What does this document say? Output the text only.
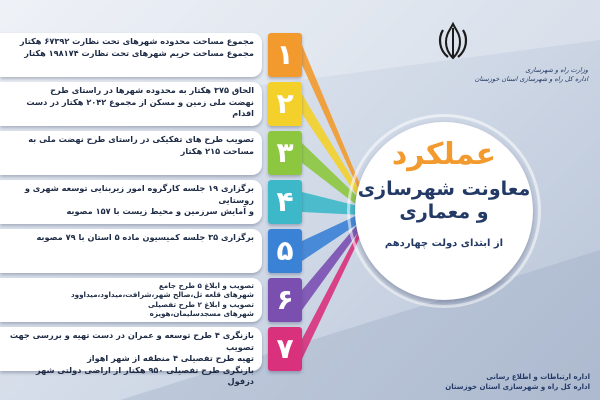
مجموع مساحت محدوده شهرهای تحت نظارت ۶۷۳۹۲ هکتار
مجموع مساحت حریم شهرهای تحت نظارت ۱۹۸۱۷۴ هکتار ۱
الحاق ۳۷۵ هکتار به محدوده شهرها در راستای طرح
نهضت ملی زمین و مسکن از مجموع ۲۰۴۲ هکتار در دست اقدام ۲
تصویب طرح های تفکیکی در راستای طرح نهضت ملی به
مساحت ۲۱۵ هکتار ۳
برگزاری ۱۹ جلسه کارگروه امور زیربنایی توسعه شهری و روستایی
و آمایش سرزمین و محیط زیست با ۱۵۷ مصوبه ۴
برگزاری ۳۵ جلسه کمیسیون ماده ۵ استان با ۷۹ مصوبه ۵
تصویب و ابلاغ ۵ طرح جامع
شهرهای قلعه تل،صالح شهر،شرافت،میداود،میداوود
تصویب و ابلاغ ۲ طرح تفصیلی
شهرهای مسجدسلیمان،هویزه ۶
بازنگری ۴ طرح توسعه و عمران در دست تهیه و بررسی جهت تصویب
تهیه طرح تفصیلی ۴ منطقه از شهر اهواز
بازنگری طرح تفصیلی ۹۵۰ هکتار از اراضی دولتی شهر دزفول
۷
عملکرد
معاونت شهرسازی
و معماری
از ابتدای دولت چهاردهم
وزارت راه و شهرسازی
اداره کل راه و شهرسازی استان خوزستان
اداره ارتباطات و اطلاع رسانی
اداره کل راه و شهرسازی استان خوزستان
